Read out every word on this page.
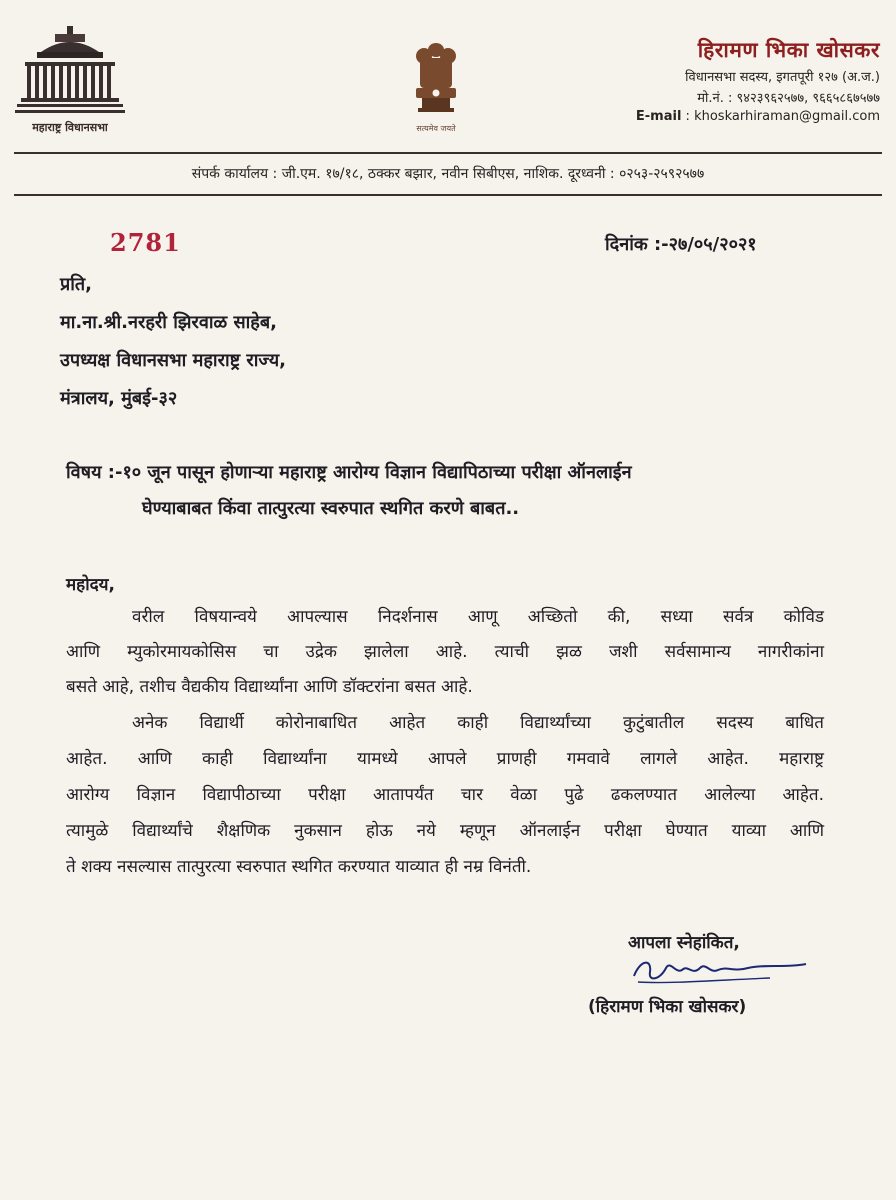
महाराष्ट्र विधानसभा	सत्यमेव जयते
हिरामण भिका खोसकर
विधानसभा सदस्य, इगतपूरी १२७ (अ.ज.)
मो.नं. : ९४२३९६२५७७, ९६६५८६७५७७
E-mail : khoskarhiraman@gmail.com
संपर्क कार्यालय : जी.एम. १७/१८, ठक्कर बझार, नवीन सिबीएस, नाशिक. दूरध्वनी : ०२५३-२५९२५७७
2781	दिनांक :-२७/०५/२०२१
प्रति,
मा.ना.श्री.नरहरी झिरवाळ साहेब,
उपध्यक्ष विधानसभा महाराष्ट्र राज्य,
मंत्रालय, मुंबई-३२
विषय :-१० जून पासून होणाऱ्या महाराष्ट्र आरोग्य विज्ञान विद्यापिठाच्या परीक्षा ऑनलाईन
घेण्याबाबत किंवा तात्पुरत्या स्वरुपात स्थगित करणे बाबत..
महोदय,
वरील विषयान्वये आपल्यास निदर्शनास आणू अच्छितो की, सध्या सर्वत्र कोविड
आणि म्युकोरमायकोसिस चा उद्रेक झालेला आहे. त्याची झळ जशी सर्वसामान्य नागरीकांना
बसते आहे, तशीच वैद्यकीय विद्यार्थ्यांना आणि डॉक्टरांना बसत आहे.
अनेक विद्यार्थी कोरोनाबाधित आहेत काही विद्यार्थ्यांच्या कुटुंबातील सदस्य बाधित
आहेत. आणि काही विद्यार्थ्यांना यामध्ये आपले प्राणही गमवावे लागले आहेत. महाराष्ट्र
आरोग्य विज्ञान विद्यापीठाच्या परीक्षा आतापर्यंत चार वेळा पुढे ढकलण्यात आलेल्या आहेत.
त्यामुळे विद्यार्थ्यांचे शैक्षणिक नुकसान होऊ नये म्हणून ऑनलाईन परीक्षा घेण्यात याव्या आणि
ते शक्य नसल्यास तात्पुरत्या स्वरुपात स्थगित करण्यात याव्यात ही नम्र विनंती.
आपला स्नेहांकित,
(हिरामण भिका खोसकर)
